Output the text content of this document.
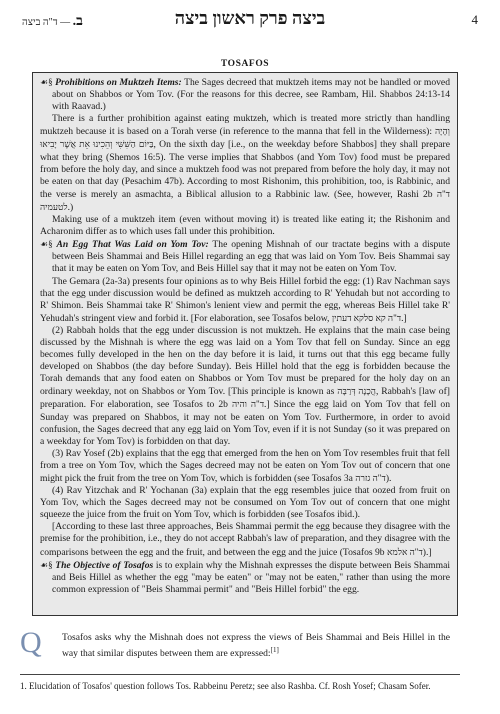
ב. — ד"ה ביצה	ביצה פרק ראשון ביצה	4
TOSAFOS

☙§ Prohibitions on Muktzeh Items: The Sages decreed that muktzeh items may not be handled or moved about on Shabbos or Yom Tov. (For the reasons for this decree, see Rambam, Hil. Shabbos 24:13-14 with Raavad.)

There is a further prohibition against eating muktzeh, which is treated more strictly than handling muktzeh because it is based on a Torah verse (in reference to the manna that fell in the Wilderness): וְהָיָה בַּיּוֹם הַשִּׁשִּׁי וְהֵכִינוּ אֵת אֲשֶׁר יָבִיאוּ, On the sixth day [i.e., on the weekday before Shabbos] they shall prepare what they bring (Shemos 16:5). The verse implies that Shabbos (and Yom Tov) food must be prepared from before the holy day, and since a muktzeh food was not prepared from before the holy day, it may not be eaten on that day (Pesachim 47b). According to most Rishonim, this prohibition, too, is Rabbinic, and the verse is merely an asmachta, a Biblical allusion to a Rabbinic law. (See, however, Rashi 2b ד"ה לטעמיה.)

Making use of a muktzeh item (even without moving it) is treated like eating it; the Rishonim and Acharonim differ as to which uses fall under this prohibition.

☙§ An Egg That Was Laid on Yom Tov: The opening Mishnah of our tractate begins with a dispute between Beis Shammai and Beis Hillel regarding an egg that was laid on Yom Tov. Beis Shammai say that it may be eaten on Yom Tov, and Beis Hillel say that it may not be eaten on Yom Tov.

The Gemara (2a-3a) presents four opinions as to why Beis Hillel forbid the egg: (1) Rav Nachman says that the egg under discussion would be defined as muktzeh according to R' Yehudah but not according to R' Shimon. Beis Shammai take R' Shimon's lenient view and permit the egg, whereas Beis Hillel take R' Yehudah's stringent view and forbid it. [For elaboration, see Tosafos below, ד"ה קא סלקא דעתין.]

(2) Rabbah holds that the egg under discussion is not muktzeh. He explains that the main case being discussed by the Mishnah is where the egg was laid on a Yom Tov that fell on Sunday. Since an egg becomes fully developed in the hen on the day before it is laid, it turns out that this egg became fully developed on Shabbos (the day before Sunday). Beis Hillel hold that the egg is forbidden because the Torah demands that any food eaten on Shabbos or Yom Tov must be prepared for the holy day on an ordinary weekday, not on Shabbos or Yom Tov. [This principle is known as הֲכָנָה דְּרַבָּה, Rabbah's [law of] preparation. For elaboration, see Tosafos to 2b ד"ה והיה.] Since the egg laid on Yom Tov that fell on Sunday was prepared on Shabbos, it may not be eaten on Yom Tov. Furthermore, in order to avoid confusion, the Sages decreed that any egg laid on Yom Tov, even if it is not Sunday (so it was prepared on a weekday for Yom Tov) is forbidden on that day.

(3) Rav Yosef (2b) explains that the egg that emerged from the hen on Yom Tov resembles fruit that fell from a tree on Yom Tov, which the Sages decreed may not be eaten on Yom Tov out of concern that one might pick the fruit from the tree on Yom Tov, which is forbidden (see Tosafos 3a ד"ה גזרה).

(4) Rav Yitzchak and R' Yochanan (3a) explain that the egg resembles juice that oozed from fruit on Yom Tov, which the Sages decreed may not be consumed on Yom Tov out of concern that one might squeeze the juice from the fruit on Yom Tov, which is forbidden (see Tosafos ibid.).

[According to these last three approaches, Beis Shammai permit the egg because they disagree with the premise for the prohibition, i.e., they do not accept Rabbah's law of preparation, and they disagree with the comparisons between the egg and the fruit, and between the egg and the juice (Tosafos 9b ד"ה אלמא).]

☙§ The Objective of Tosafos is to explain why the Mishnah expresses the dispute between Beis Shammai and Beis Hillel as whether the egg "may be eaten" or "may not be eaten," rather than using the more common expression of "Beis Shammai permit" and "Beis Hillel forbid" the egg.

Q Tosafos asks why the Mishnah does not express the views of Beis Shammai and Beis Hillel in the way that similar disputes between them are expressed:[1]
1. Elucidation of Tosafos' question follows Tos. Rabbeinu Peretz; see also Rashba. Cf. Rosh Yosef; Chasam Sofer.
